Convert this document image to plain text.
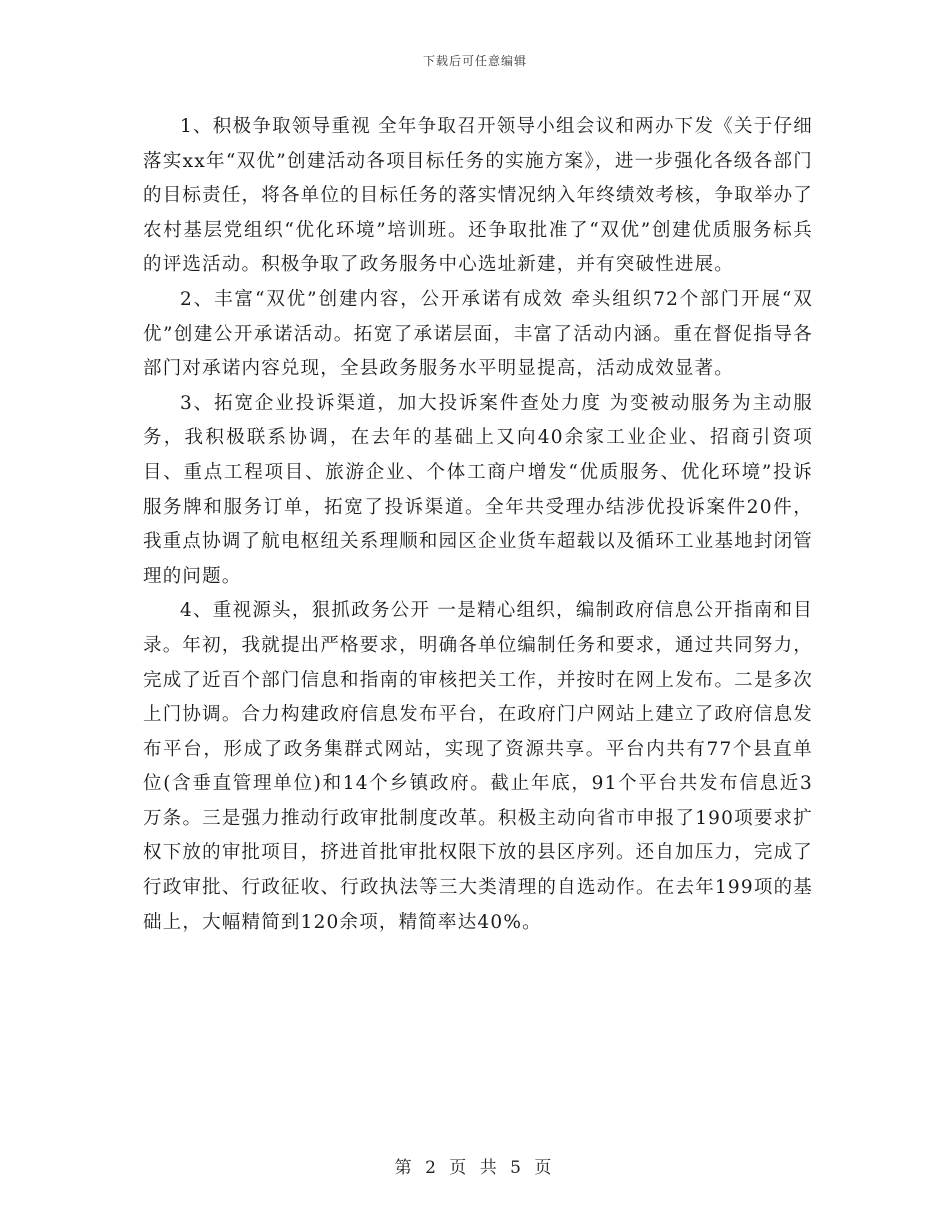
下载后可任意编辑

1、积极争取领导重视 全年争取召开领导小组会议和两办下发《关于仔细落实xx年“双优”创建活动各项目标任务的实施方案》，进一步强化各级各部门的目标责任，将各单位的目标任务的落实情况纳入年终绩效考核，争取举办了农村基层党组织“优化环境”培训班。还争取批准了“双优”创建优质服务标兵的评选活动。积极争取了政务服务中心选址新建，并有突破性进展。

2、丰富“双优”创建内容，公开承诺有成效 牵头组织72个部门开展“双优”创建公开承诺活动。拓宽了承诺层面，丰富了活动内涵。重在督促指导各部门对承诺内容兑现，全县政务服务水平明显提高，活动成效显著。

3、拓宽企业投诉渠道，加大投诉案件查处力度 为变被动服务为主动服务，我积极联系协调，在去年的基础上又向40余家工业企业、招商引资项目、重点工程项目、旅游企业、个体工商户增发“优质服务、优化环境”投诉服务牌和服务订单，拓宽了投诉渠道。全年共受理办结涉优投诉案件20件，我重点协调了航电枢纽关系理顺和园区企业货车超载以及循环工业基地封闭管理的问题。

4、重视源头，狠抓政务公开 一是精心组织，编制政府信息公开指南和目录。年初，我就提出严格要求，明确各单位编制任务和要求，通过共同努力，完成了近百个部门信息和指南的审核把关工作，并按时在网上发布。二是多次上门协调。合力构建政府信息发布平台，在政府门户网站上建立了政府信息发布平台，形成了政务集群式网站，实现了资源共享。平台内共有77个县直单位(含垂直管理单位)和14个乡镇政府。截止年底，91个平台共发布信息近3万条。三是强力推动行政审批制度改革。积极主动向省市申报了190项要求扩权下放的审批项目，挤进首批审批权限下放的县区序列。还自加压力，完成了行政审批、行政征收、行政执法等三大类清理的自选动作。在去年199项的基础上，大幅精简到120余项，精简率达40%。

第 2 页 共 5 页
